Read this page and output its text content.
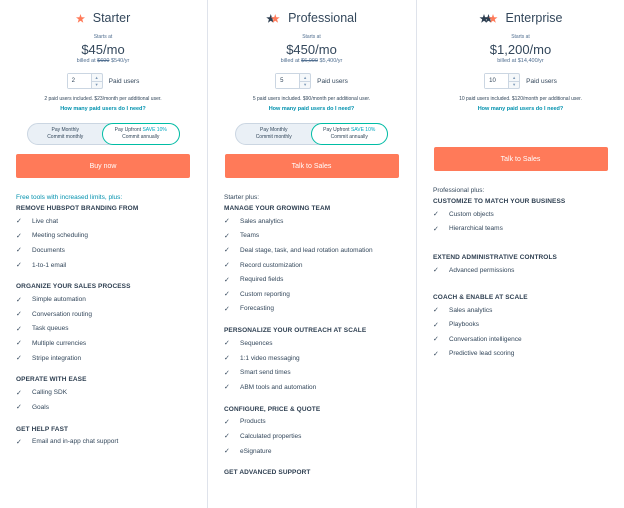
Starter
Starts at
$45/mo
billed at $600 $540/yr
2
▲
▼
Paid users
2 paid users included. $23/month per additional user.
How many paid users do I need?
Pay Monthly
Commit monthly
Pay Upfront SAVE 10%
Commit annually
Buy now
Free tools with increased limits, plus:
REMOVE HUBSPOT BRANDING FROM
✓	Live chat
✓	Meeting scheduling
✓	Documents
✓	1-to-1 email
ORGANIZE YOUR SALES PROCESS
✓	Simple automation
✓	Conversation routing
✓	Task queues
✓	Multiple currencies
✓	Stripe integration
OPERATE WITH EASE
✓	Calling SDK
✓	Goals
GET HELP FAST
✓	Email and in-app chat support
Professional
Starts at
$450/mo
billed at $6,000 $5,400/yr
5
▲
▼
Paid users
5 paid users included. $90/month per additional user.
How many paid users do I need?
Pay Monthly
Commit monthly
Pay Upfront SAVE 10%
Commit annually
Talk to Sales
Starter plus:
MANAGE YOUR GROWING TEAM
✓	Sales analytics
✓	Teams
✓	Deal stage, task, and lead rotation automation
✓	Record customization
✓	Required fields
✓	Custom reporting
✓	Forecasting
PERSONALIZE YOUR OUTREACH AT SCALE
✓	Sequences
✓	1:1 video messaging
✓	Smart send times
✓	ABM tools and automation
CONFIGURE, PRICE & QUOTE
✓	Products
✓	Calculated properties
✓	eSignature
GET ADVANCED SUPPORT
Enterprise
Starts at
$1,200/mo
billed at $14,400/yr
10
▲
▼
Paid users
10 paid users included. $120/month per additional user.
How many paid users do I need?
Talk to Sales
Professional plus:
CUSTOMIZE TO MATCH YOUR BUSINESS
✓	Custom objects
✓	Hierarchical teams
EXTEND ADMINISTRATIVE CONTROLS
✓	Advanced permissions
COACH & ENABLE AT SCALE
✓	Sales analytics
✓	Playbooks
✓	Conversation intelligence
✓	Predictive lead scoring
